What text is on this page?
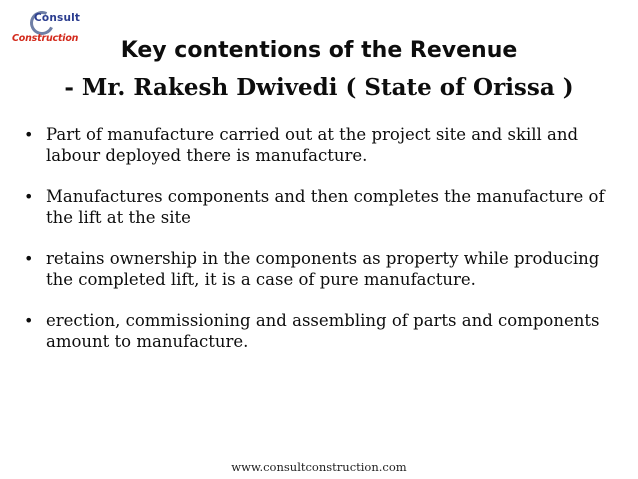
Consult
Construction	Key contentions of the Revenue
- Mr. Rakesh Dwivedi ( State of Orissa )
• Part of manufacture carried out at the project site and skill and labour deployed there is manufacture.
• Manufactures components and then completes the manufacture of the lift at the site
• retains ownership in the components as property while producing the completed lift, it is a case of pure manufacture.
• erection, commissioning and assembling of parts and components amount to manufacture.
www.consultconstruction.com
